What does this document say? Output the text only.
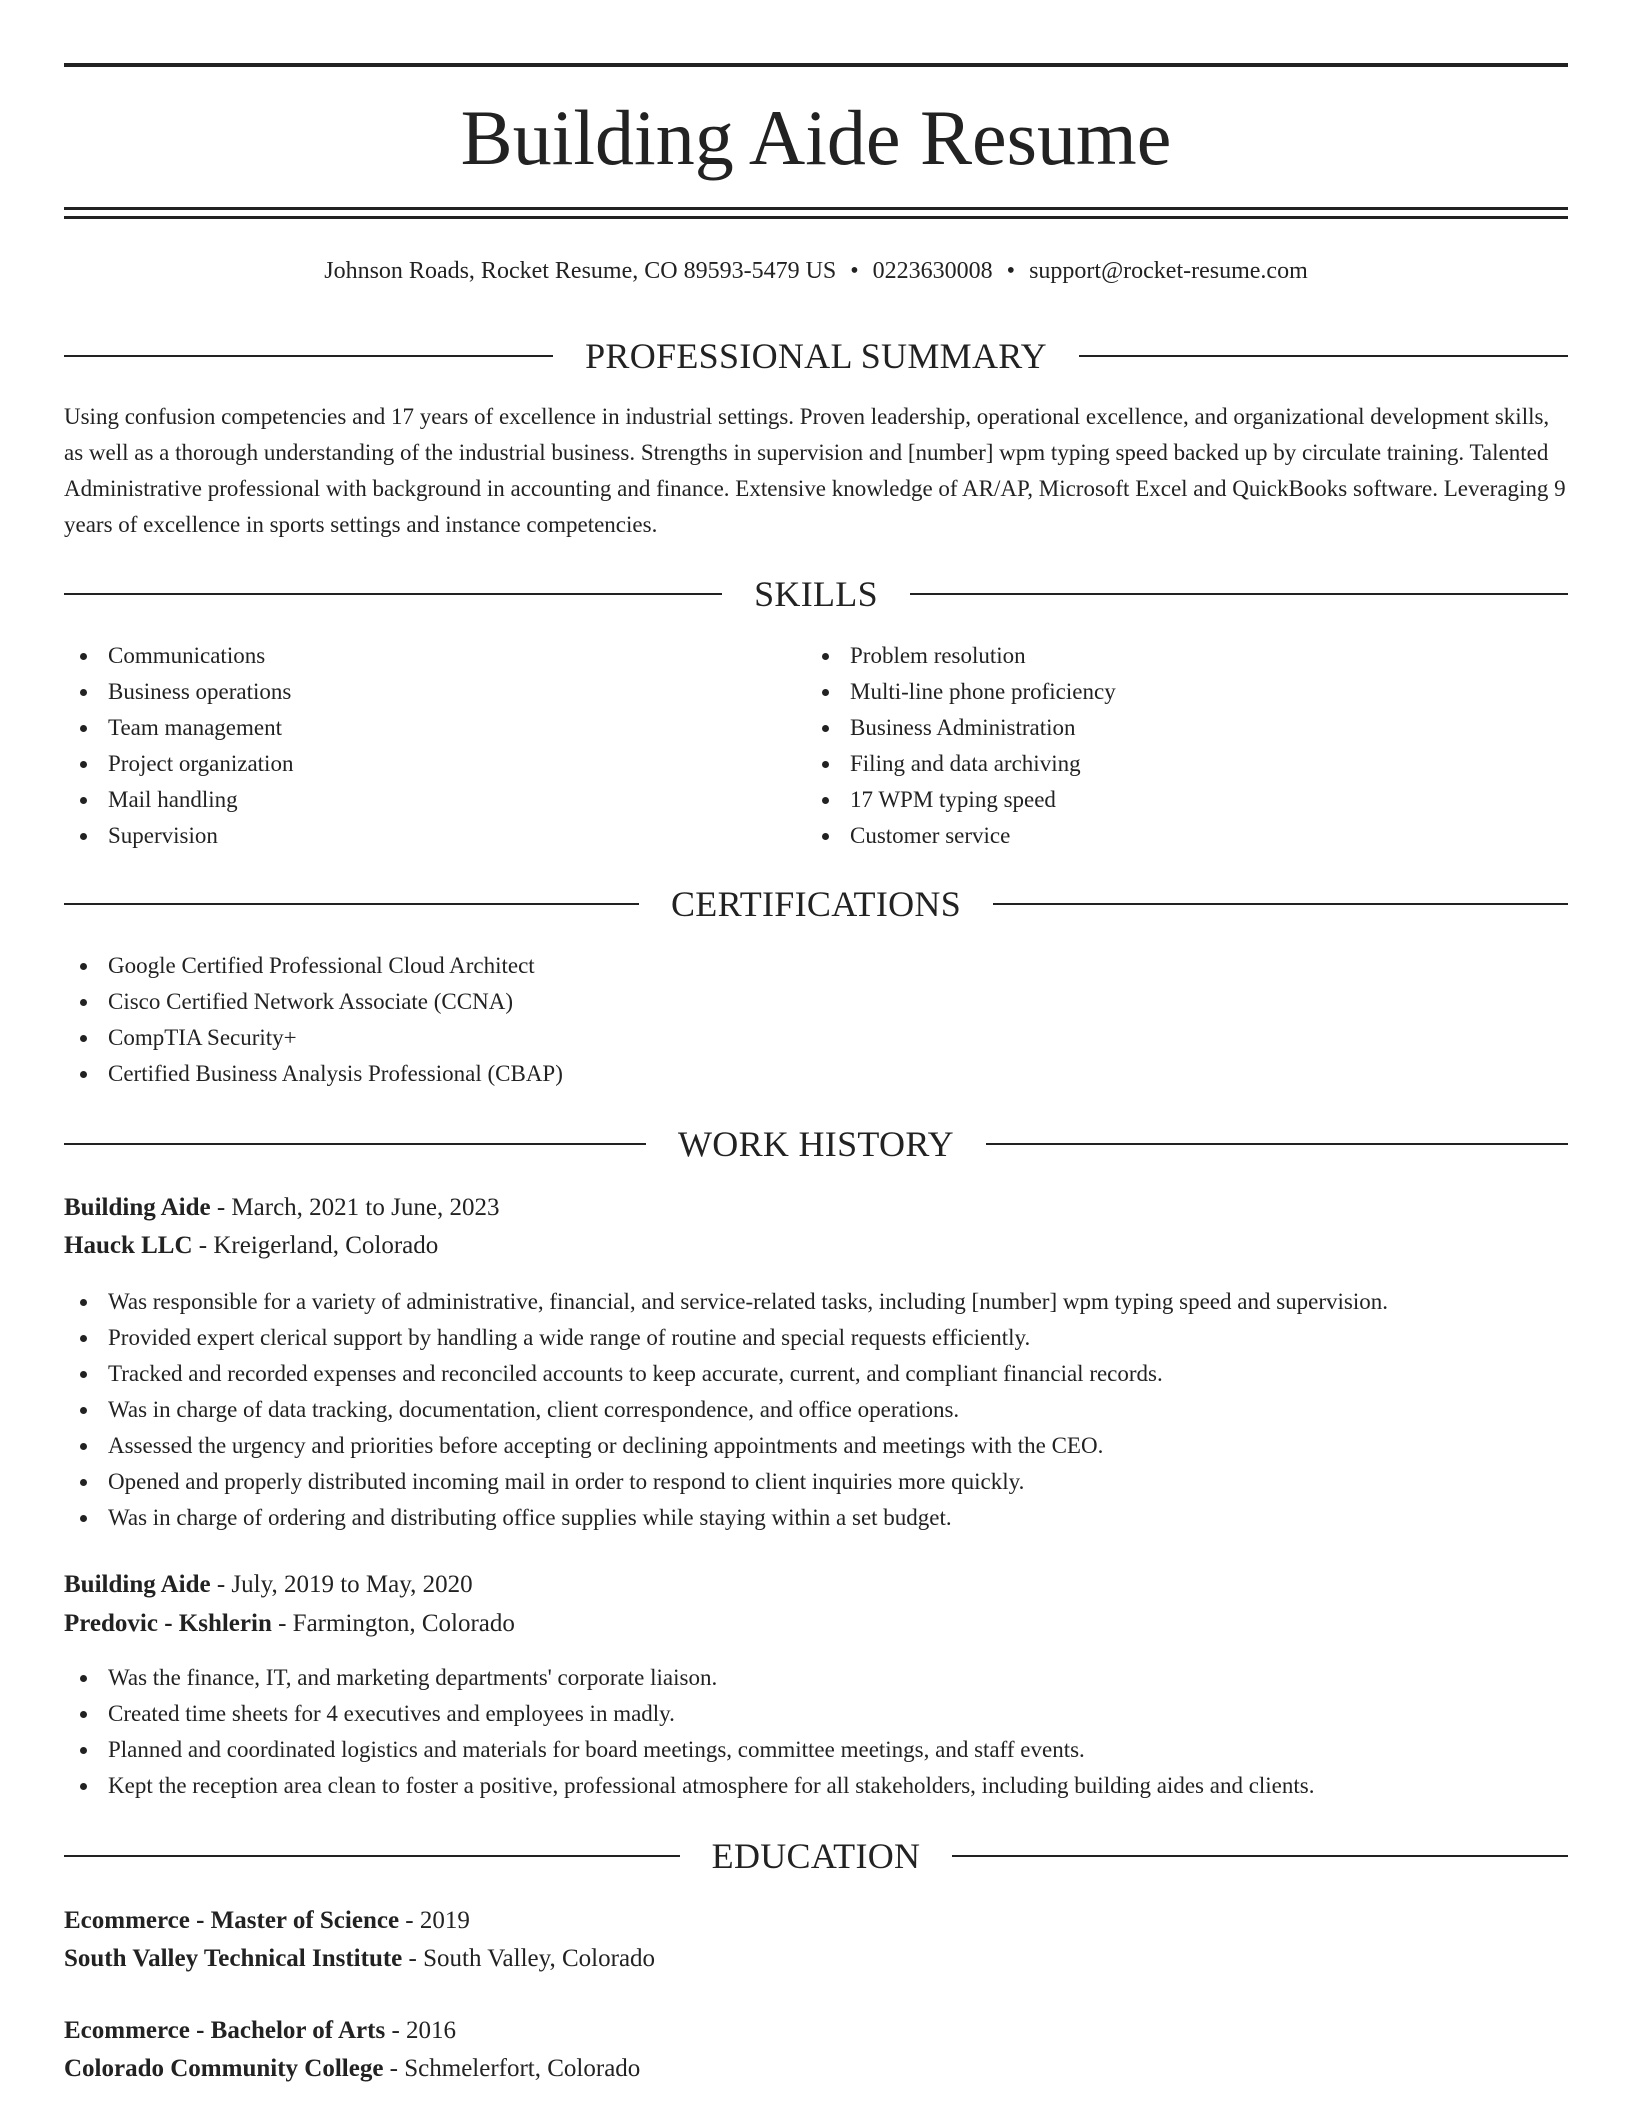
Building Aide Resume
Johnson Roads, Rocket Resume, CO 89593-5479 US • 0223630008 • support@rocket-resume.com
PROFESSIONAL SUMMARY

Using confusion competencies and 17 years of excellence in industrial settings. Proven leadership, operational excellence, and organizational development skills, as well as a thorough understanding of the industrial business. Strengths in supervision and [number] wpm typing speed backed up by circulate training. Talented Administrative professional with background in accounting and finance. Extensive knowledge of AR/AP, Microsoft Excel and QuickBooks software. Leveraging 9 years of excellence in sports settings and instance competencies.

SKILLS
Communications
Business operations
Team management
Project organization
Mail handling
Supervision
Problem resolution
Multi-line phone proficiency
Business Administration
Filing and data archiving
17 WPM typing speed
Customer service
CERTIFICATIONS
Google Certified Professional Cloud Architect
Cisco Certified Network Associate (CCNA)
CompTIA Security+
Certified Business Analysis Professional (CBAP)
WORK HISTORY
Building Aide - March, 2021 to June, 2023
Hauck LLC - Kreigerland, Colorado
Was responsible for a variety of administrative, financial, and service-related tasks, including [number] wpm typing speed and supervision.
Provided expert clerical support by handling a wide range of routine and special requests efficiently.
Tracked and recorded expenses and reconciled accounts to keep accurate, current, and compliant financial records.
Was in charge of data tracking, documentation, client correspondence, and office operations.
Assessed the urgency and priorities before accepting or declining appointments and meetings with the CEO.
Opened and properly distributed incoming mail in order to respond to client inquiries more quickly.
Was in charge of ordering and distributing office supplies while staying within a set budget.
Building Aide - July, 2019 to May, 2020
Predovic - Kshlerin - Farmington, Colorado
Was the finance, IT, and marketing departments' corporate liaison.
Created time sheets for 4 executives and employees in madly.
Planned and coordinated logistics and materials for board meetings, committee meetings, and staff events.
Kept the reception area clean to foster a positive, professional atmosphere for all stakeholders, including building aides and clients.
EDUCATION
Ecommerce - Master of Science - 2019
South Valley Technical Institute - South Valley, Colorado
Ecommerce - Bachelor of Arts - 2016
Colorado Community College - Schmelerfort, Colorado
